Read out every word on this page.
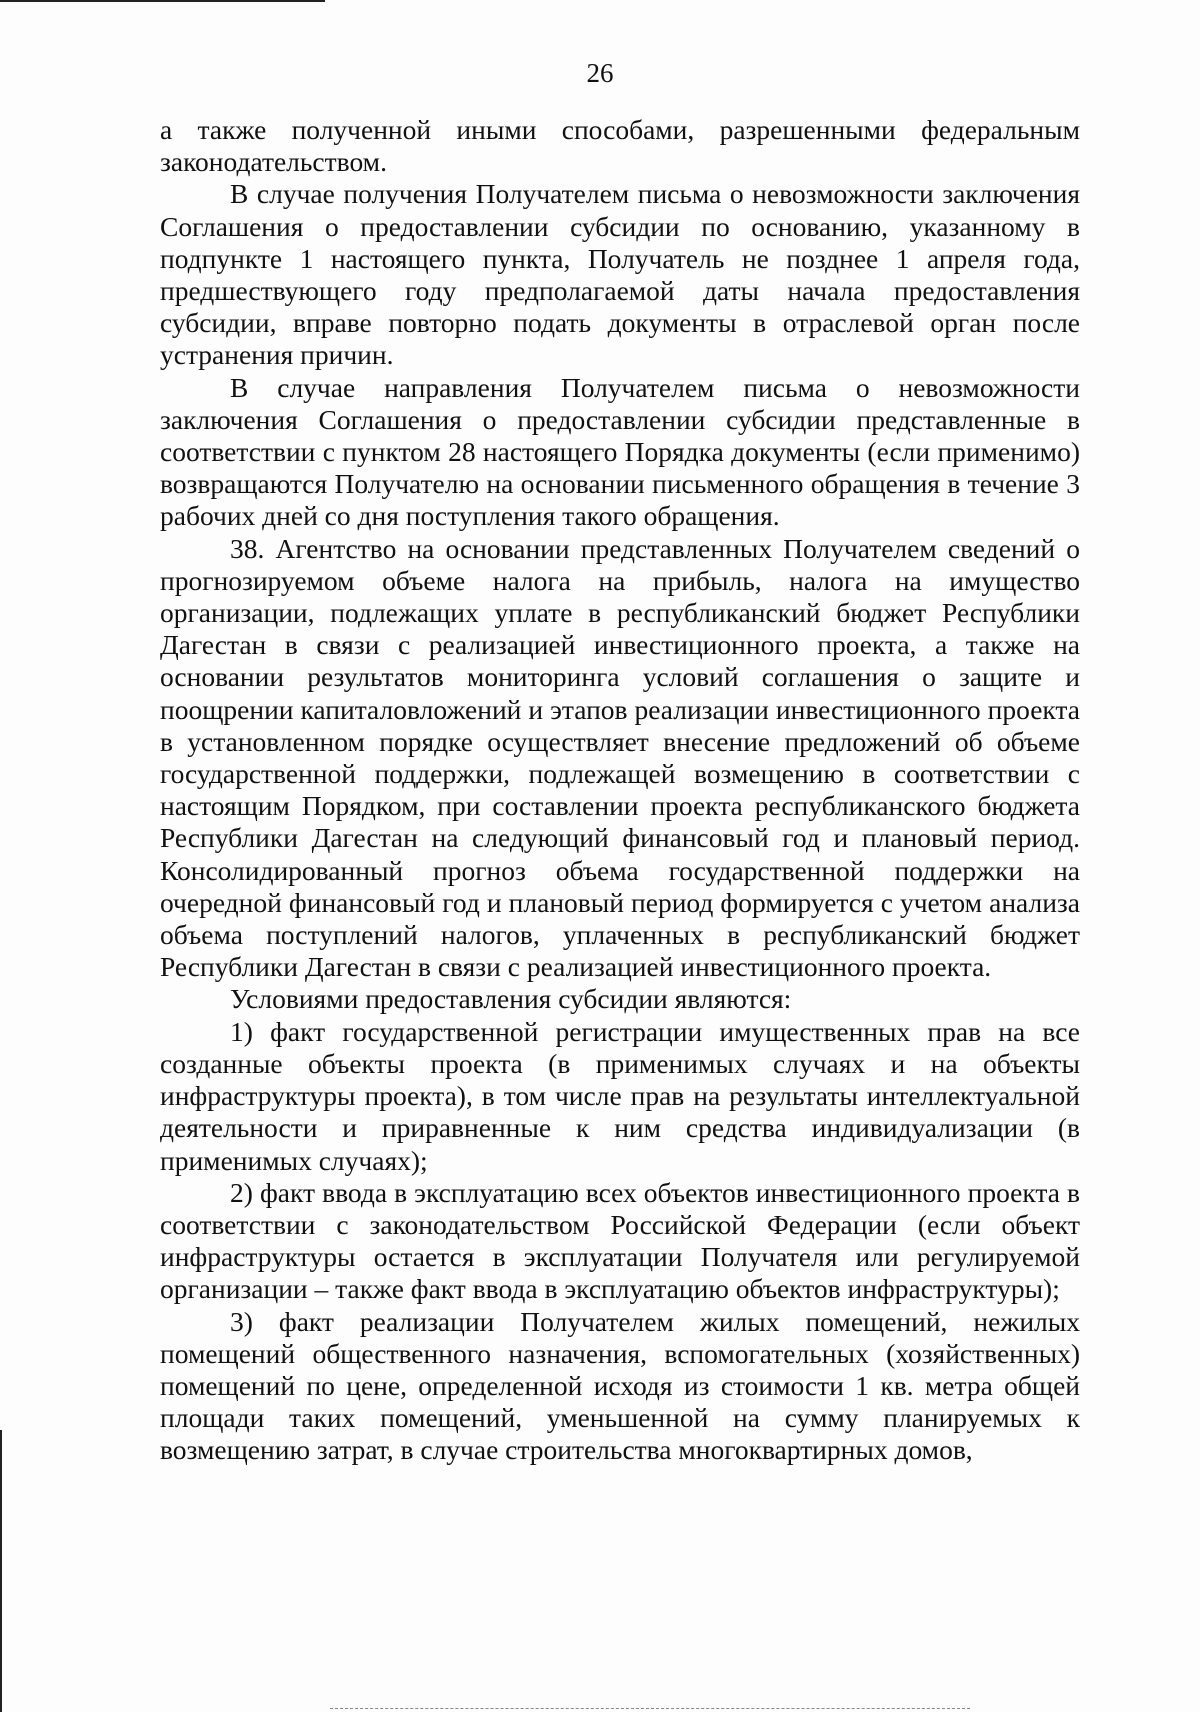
26

а также полученной иными способами, разрешенными федеральным законодательством.

В случае получения Получателем письма о невозможности заключения Соглашения о предоставлении субсидии по основанию, указанному в подпункте 1 настоящего пункта, Получатель не позднее 1 апреля года, предшествующего году предполагаемой даты начала предоставления субсидии, вправе повторно подать документы в отраслевой орган после устранения причин.

В случае направления Получателем письма о невозможности заключения Соглашения о предоставлении субсидии представленные в соответствии с пунктом 28 настоящего Порядка документы (если применимо) возвращаются Получателю на основании письменного обращения в течение 3 рабочих дней со дня поступления такого обращения.

38. Агентство на основании представленных Получателем сведений о прогнозируемом объеме налога на прибыль, налога на имущество организации, подлежащих уплате в республиканский бюджет Республики Дагестан в связи с реализацией инвестиционного проекта, а также на основании результатов мониторинга условий соглашения о защите и поощрении капиталовложений и этапов реализации инвестиционного проекта в установленном порядке осуществляет внесение предложений об объеме государственной поддержки, подлежащей возмещению в соответствии с настоящим Порядком, при составлении проекта республиканского бюджета Республики Дагестан на следующий финансовый год и плановый период. Консолидированный прогноз объема государственной поддержки на очередной финансовый год и плановый период формируется с учетом анализа объема поступлений налогов, уплаченных в республиканский бюджет Республики Дагестан в связи с реализацией инвестиционного проекта.

Условиями предоставления субсидии являются:

1) факт государственной регистрации имущественных прав на все созданные объекты проекта (в применимых случаях и на объекты инфраструктуры проекта), в том числе прав на результаты интеллектуальной деятельности и приравненные к ним средства индивидуализации (в применимых случаях);

2) факт ввода в эксплуатацию всех объектов инвестиционного проекта в соответствии с законодательством Российской Федерации (если объект инфраструктуры остается в эксплуатации Получателя или регулируемой организации – также факт ввода в эксплуатацию объектов инфраструктуры);

3) факт реализации Получателем жилых помещений, нежилых помещений общественного назначения, вспомогательных (хозяйственных) помещений по цене, определенной исходя из стоимости 1 кв. метра общей площади таких помещений, уменьшенной на сумму планируемых к возмещению затрат, в случае строительства многоквартирных домов,
